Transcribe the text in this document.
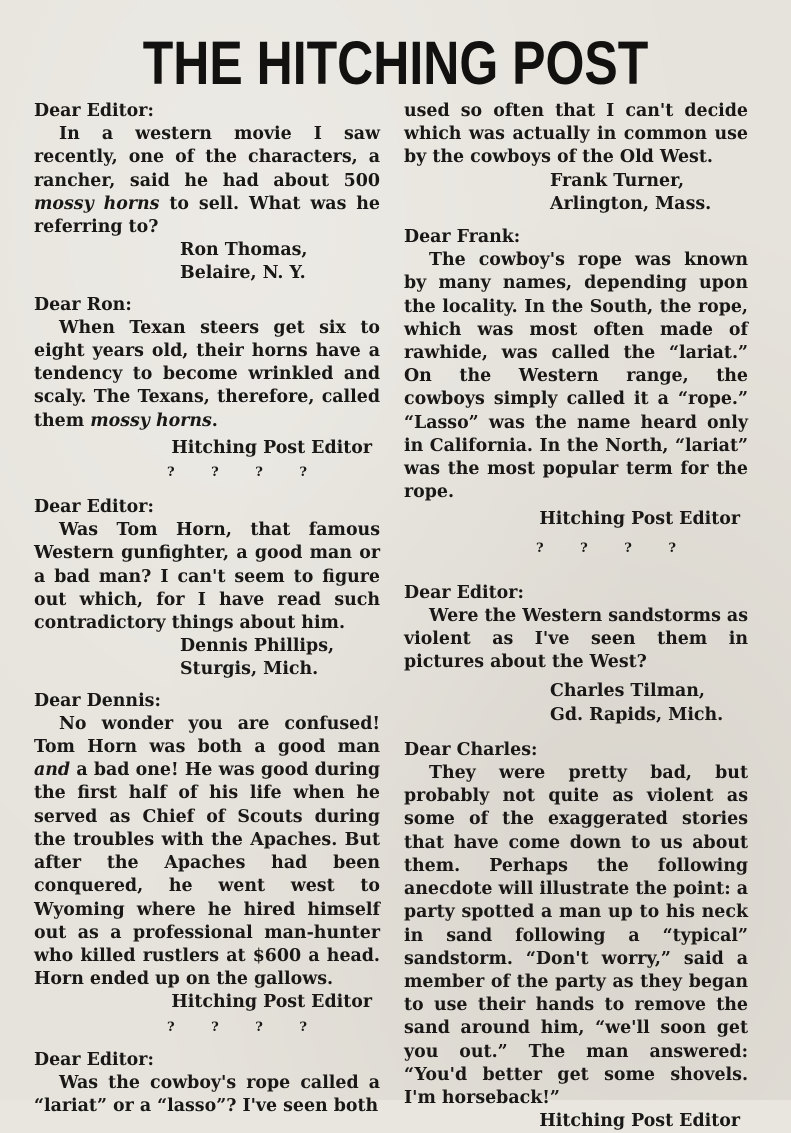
THE HITCHING POST

Dear Editor:

In a western movie I saw recently, one of the characters, a rancher, said he had about 500 mossy horns to sell. What was he referring to?

Ron Thomas,

Belaire, N. Y.

Dear Ron:

When Texan steers get six to eight years old, their horns have a tendency to become wrinkled and scaly. The Texans, therefore, called them mossy horns.

Hitching Post Editor

? ? ? ?

Dear Editor:

Was Tom Horn, that famous Western gunfighter, a good man or a bad man? I can't seem to figure out which, for I have read such contradictory things about him.

Dennis Phillips,

Sturgis, Mich.

Dear Dennis:

No wonder you are confused! Tom Horn was both a good man and a bad one! He was good during the first half of his life when he served as Chief of Scouts during the troubles with the Apaches. But after the Apaches had been conquered, he went west to Wyoming where he hired himself out as a professional man-hunter who killed rustlers at $600 a head. Horn ended up on the gallows.

Hitching Post Editor

? ? ? ?

Dear Editor:

Was the cowboy's rope called a “lariat” or a “lasso”? I've seen both

used so often that I can't decide which was actually in common use by the cowboys of the Old West.

Frank Turner,

Arlington, Mass.

Dear Frank:

The cowboy's rope was known by many names, depending upon the locality. In the South, the rope, which was most often made of rawhide, was called the “lariat.” On the Western range, the cowboys simply called it a “rope.” “Lasso” was the name heard only in California. In the North, “lariat” was the most popular term for the rope.

Hitching Post Editor

? ? ? ?

Dear Editor:

Were the Western sandstorms as violent as I've seen them in pictures about the West?

Charles Tilman,

Gd. Rapids, Mich.

Dear Charles:

They were pretty bad, but probably not quite as violent as some of the exaggerated stories that have come down to us about them. Perhaps the following anecdote will illustrate the point: a party spotted a man up to his neck in sand following a “typical” sandstorm. “Don't worry,” said a member of the party as they began to use their hands to remove the sand around him, “we'll soon get you out.” The man answered: “You'd better get some shovels. I'm horseback!”

Hitching Post Editor
